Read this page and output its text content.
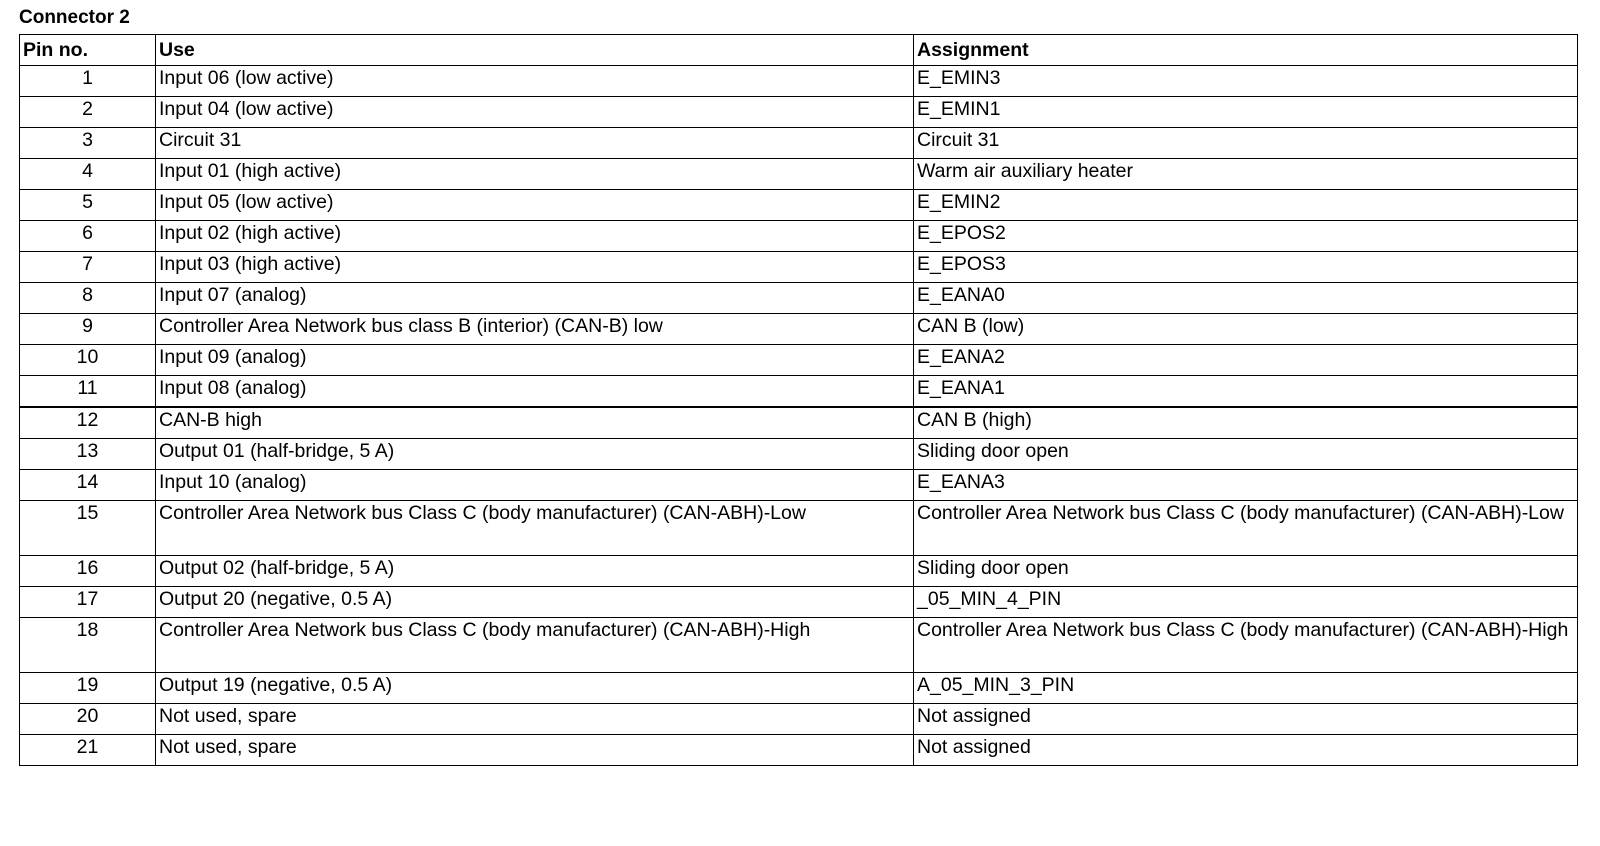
Connector 2
Pin no.	Use	Assignment
1	Input 06 (low active)	E_EMIN3
2	Input 04 (low active)	E_EMIN1
3	Circuit 31	Circuit 31
4	Input 01 (high active)	Warm air auxiliary heater
5	Input 05 (low active)	E_EMIN2
6	Input 02 (high active)	E_EPOS2
7	Input 03 (high active)	E_EPOS3
8	Input 07 (analog)	E_EANA0
9	Controller Area Network bus class B (interior) (CAN-B) low	CAN B (low)
10	Input 09 (analog)	E_EANA2
11	Input 08 (analog)	E_EANA1
12	CAN-B high	CAN B (high)
13	Output 01 (half-bridge, 5 A)	Sliding door open
14	Input 10 (analog)	E_EANA3
15	Controller Area Network bus Class C (body manufacturer) (CAN-ABH)-Low	Controller Area Network bus Class C (body manufacturer) (CAN-ABH)-Low
16	Output 02 (half-bridge, 5 A)	Sliding door open
17	Output 20 (negative, 0.5 A)	_05_MIN_4_PIN
18	Controller Area Network bus Class C (body manufacturer) (CAN-ABH)-High	Controller Area Network bus Class C (body manufacturer) (CAN-ABH)-High
19	Output 19 (negative, 0.5 A)	A_05_MIN_3_PIN
20	Not used, spare	Not assigned
21	Not used, spare	Not assigned
